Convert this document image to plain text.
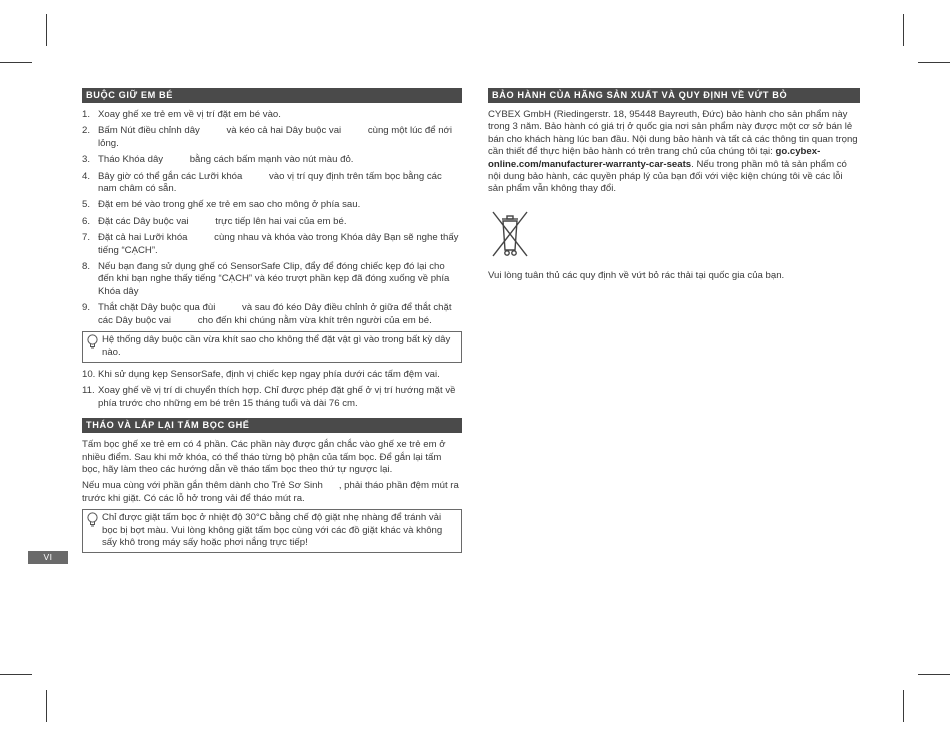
VI
BUỘC GIỮ EM BÉ
1. Xoay ghế xe trẻ em về vị trí đặt em bé vào.
2. Bấm Nút điều chỉnh dây          và kéo cả hai Dây buộc vai          cùng một lúc để nới lỏng.
3. Tháo Khóa dây          bằng cách bấm mạnh vào nút màu đỏ.
4. Bây giờ có thể gắn các Lưỡi khóa          vào vị trí quy định trên tấm bọc bằng các nam châm có sẵn.
5. Đặt em bé vào trong ghế xe trẻ em sao cho mông ở phía sau.
6. Đặt các Dây buộc vai          trực tiếp lên hai vai của em bé.
7. Đặt cả hai Lưỡi khóa          cùng nhau và khóa vào trong Khóa dây Bạn sẽ nghe thấy tiếng “CẠCH”.
8. Nếu bạn đang sử dụng ghế có SensorSafe Clip, đẩy để đóng chiếc kẹp đó lại cho đến khi bạn nghe thấy tiếng “CẠCH” và kéo trượt phần kẹp đã đóng xuống về phía Khóa dây
9. Thắt chặt Dây buộc qua đùi          và sau đó kéo Dây điều chỉnh ở giữa để thắt chặt các Dây buộc vai          cho đến khi chúng nằm vừa khít trên người của em bé.
Hệ thống dây buộc cần vừa khít sao cho không thể đặt vật gì vào trong bất kỳ dây nào.
10. Khi sử dụng kẹp SensorSafe, định vị chiếc kẹp ngay phía dưới các tấm đệm vai.
11. Xoay ghế về vị trí di chuyển thích hợp. Chỉ được phép đặt ghế ở vị trí hướng mặt về phía trước cho những em bé trên 15 tháng tuổi và dài 76 cm.
THÁO VÀ LẮP LẠI TẤM BỌC GHẾ

Tấm bọc ghế xe trẻ em có 4 phần. Các phần này được gắn chắc vào ghế xe trẻ em ở nhiều điểm. Sau khi mở khóa, có thể tháo từng bộ phận của tấm bọc. Để gắn lại tấm bọc, hãy làm theo các hướng dẫn về tháo tấm bọc theo thứ tự ngược lại.

Nếu mua cùng với phần gắn thêm dành cho Trẻ Sơ Sinh      , phải tháo phần đệm mút ra trước khi giặt. Có các lỗ hở trong vải để tháo mút ra.

Chỉ được giặt tấm bọc ở nhiệt độ 30°C bằng chế độ giặt nhẹ nhàng để tránh vải bọc bị bợt màu. Vui lòng không giặt tấm bọc cùng với các đồ giặt khác và không sấy khô trong máy sấy hoặc phơi nắng trực tiếp!
BẢO HÀNH CỦA HÃNG SẢN XUẤT VÀ QUY ĐỊNH VỀ VỨT BỎ

CYBEX GmbH (Riedingerstr. 18, 95448 Bayreuth, Đức) bảo hành cho sản phẩm này trong 3 năm. Bảo hành có giá trị ở quốc gia nơi sản phẩm này được một cơ sở bán lẻ bán cho khách hàng lúc ban đầu. Nội dung bảo hành và tất cả các thông tin quan trọng cần thiết để thực hiện bảo hành có trên trang chủ của chúng tôi tại: go.cybex-online.com/manufacturer-warranty-car-seats. Nếu trong phần mô tả sản phẩm có nội dung bảo hành, các quyền pháp lý của bạn đối với việc kiện chúng tôi về các lỗi sản phẩm vẫn không thay đổi.

Vui lòng tuân thủ các quy định về vứt bỏ rác thải tại quốc gia của bạn.
